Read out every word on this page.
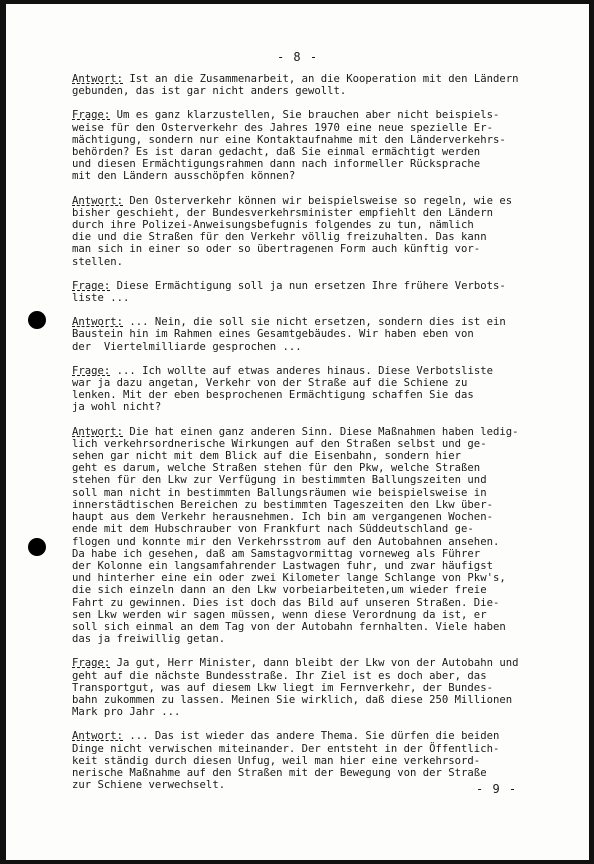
- 8 -
Antwort: Ist an die Zusammenarbeit, an die Kooperation mit den Ländern
gebunden, das ist gar nicht anders gewollt.
Frage: Um es ganz klarzustellen, Sie brauchen aber nicht beispiels-
weise für den Osterverkehr des Jahres 1970 eine neue spezielle Er-
mächtigung, sondern nur eine Kontaktaufnahme mit den Länderverkehrs-
behörden? Es ist daran gedacht, daß Sie einmal ermächtigt werden
und diesen Ermächtigungsrahmen dann nach informeller Rücksprache
mit den Ländern ausschöpfen können?
Antwort: Den Osterverkehr können wir beispielsweise so regeln, wie es
bisher geschieht, der Bundesverkehrsminister empfiehlt den Ländern
durch ihre Polizei-Anweisungsbefugnis folgendes zu tun, nämlich
die und die Straßen für den Verkehr völlig freizuhalten. Das kann
man sich in einer so oder so übertragenen Form auch künftig vor-
stellen.
Frage: Diese Ermächtigung soll ja nun ersetzen Ihre frühere Verbots-
liste ...
Antwort: ... Nein, die soll sie nicht ersetzen, sondern dies ist ein
Baustein hin im Rahmen eines Gesamtgebäudes. Wir haben eben von
der  Viertelmilliarde gesprochen ...
Frage: ... Ich wollte auf etwas anderes hinaus. Diese Verbotsliste
war ja dazu angetan, Verkehr von der Straße auf die Schiene zu
lenken. Mit der eben besprochenen Ermächtigung schaffen Sie das
ja wohl nicht?
Antwort: Die hat einen ganz anderen Sinn. Diese Maßnahmen haben ledig-
lich verkehrsordnerische Wirkungen auf den Straßen selbst und ge-
sehen gar nicht mit dem Blick auf die Eisenbahn, sondern hier
geht es darum, welche Straßen stehen für den Pkw, welche Straßen
stehen für den Lkw zur Verfügung in bestimmten Ballungszeiten und
soll man nicht in bestimmten Ballungsräumen wie beispielsweise in
innerstädtischen Bereichen zu bestimmten Tageszeiten den Lkw über-
haupt aus dem Verkehr herausnehmen. Ich bin am vergangenen Wochen-
ende mit dem Hubschrauber von Frankfurt nach Süddeutschland ge-
flogen und konnte mir den Verkehrsstrom auf den Autobahnen ansehen.
Da habe ich gesehen, daß am Samstagvormittag vorneweg als Führer
der Kolonne ein langsamfahrender Lastwagen fuhr, und zwar häufigst
und hinterher eine ein oder zwei Kilometer lange Schlange von Pkw's,
die sich einzeln dann an den Lkw vorbeiarbeiteten,um wieder freie
Fahrt zu gewinnen. Dies ist doch das Bild auf unseren Straßen. Die-
sen Lkw werden wir sagen müssen, wenn diese Verordnung da ist, er
soll sich einmal an dem Tag von der Autobahn fernhalten. Viele haben
das ja freiwillig getan.
Frage: Ja gut, Herr Minister, dann bleibt der Lkw von der Autobahn und
geht auf die nächste Bundesstraße. Ihr Ziel ist es doch aber, das
Transportgut, was auf diesem Lkw liegt im Fernverkehr, der Bundes-
bahn zukommen zu lassen. Meinen Sie wirklich, daß diese 250 Millionen
Mark pro Jahr ...
Antwort: ... Das ist wieder das andere Thema. Sie dürfen die beiden
Dinge nicht verwischen miteinander. Der entsteht in der Öffentlich-
keit ständig durch diesen Unfug, weil man hier eine verkehrsord-
nerische Maßnahme auf den Straßen mit der Bewegung von der Straße
zur Schiene verwechselt.	- 9 -
